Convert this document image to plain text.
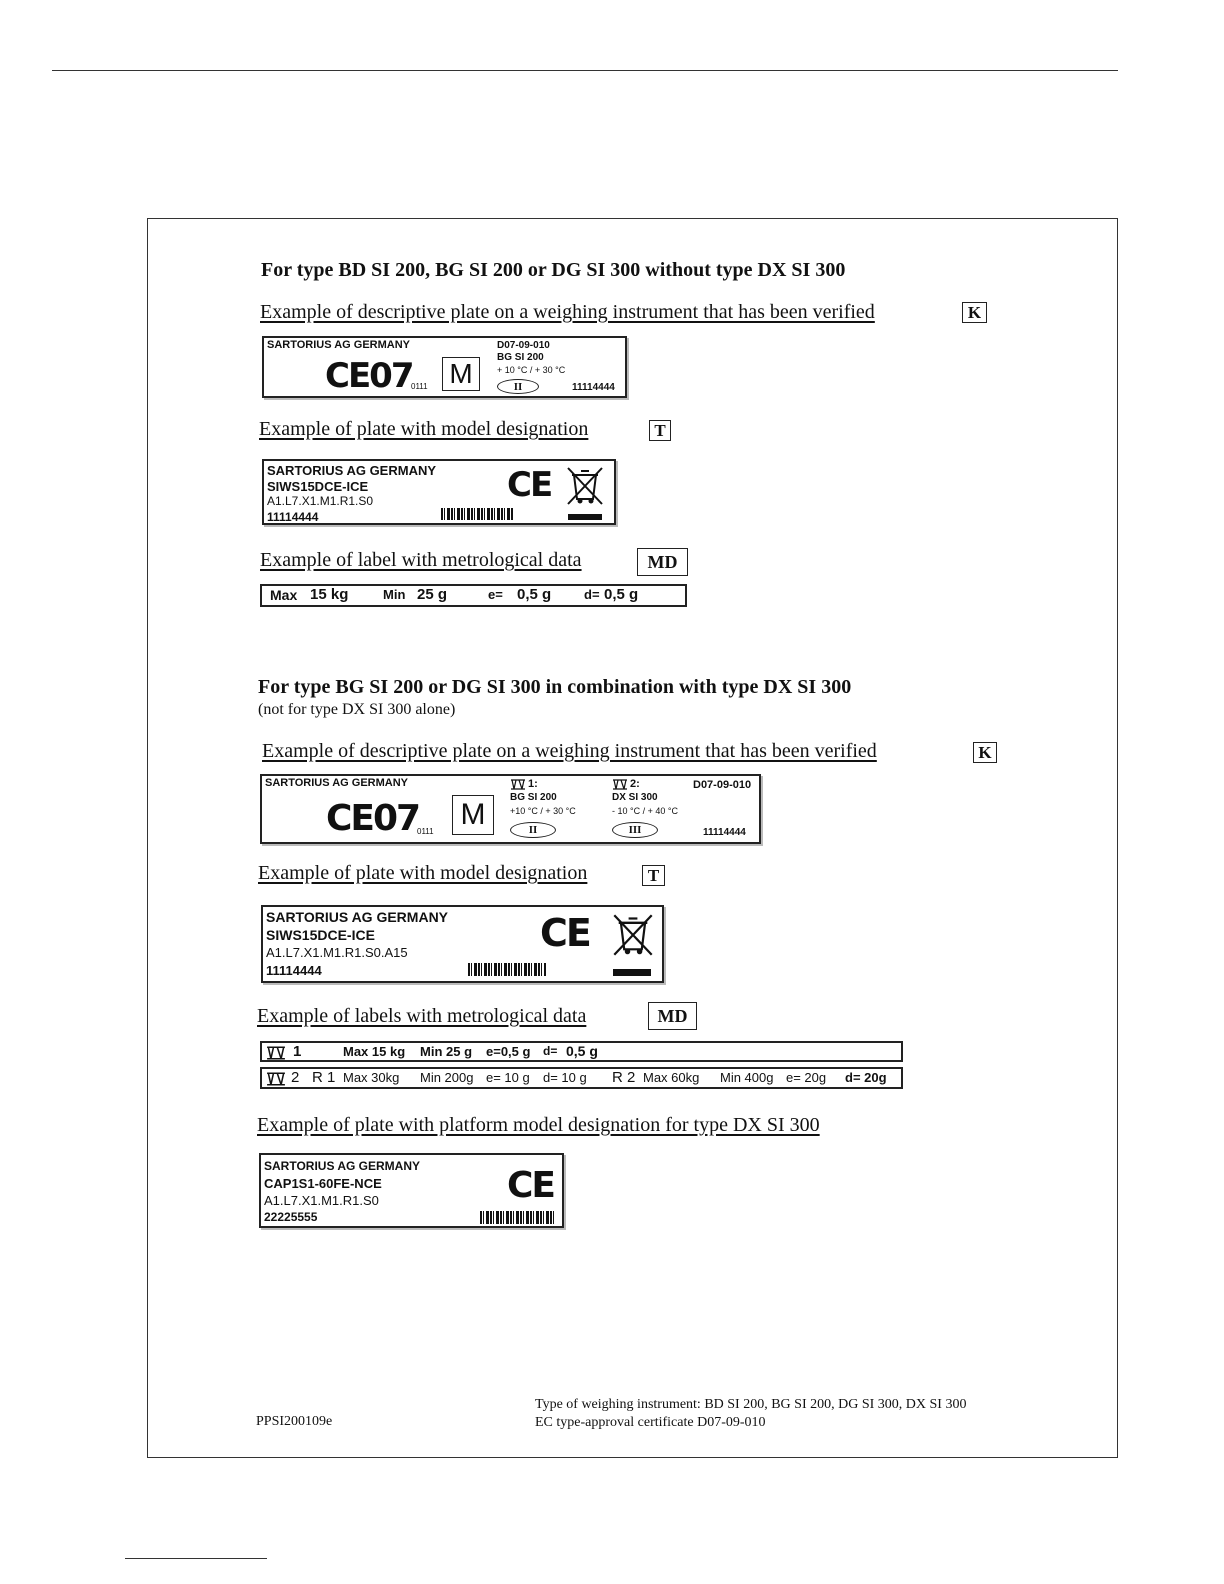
For type BD SI 200, BG SI 200 or DG SI 300 without type DX SI 300
Example of descriptive plate on a weighing instrument that has been verified	K
SARTORIUS AG GERMANY
CE07
0111 M
D07-09-010
BG SI 200
+ 10 °C / + 30 °C
II	11114444
Example of plate with model designation	T
SARTORIUS AG GERMANY
SIWS15DCE-ICE
A1.L7.X1.M1.R1.S0
11114444
CE
Example of label with metrological data	MD
Max 15 kg	Min 25 g	e= 0,5 g	d= 0,5 g
For type BG SI 200 or DG SI 300 in combination with type DX SI 300
(not for type DX SI 300 alone)
Example of descriptive plate on a weighing instrument that has been verified	K
SARTORIUS AG GERMANY
CE07
0111
M
1:
BG SI 200
+10 °C / + 30 °C
II
2:
DX SI 300
- 10 °C / + 40 °C
III
D07-09-010
11114444
Example of plate with model designation	T
SARTORIUS AG GERMANY
SIWS15DCE-ICE
A1.L7.X1.M1.R1.S0.A15
11114444
CE
Example of labels with metrological data	MD
1	Max 15 kg Min 25 g e=0,5 g d= 0,5 g
2 R 1 Max 30kg Min 200g e= 10 g d= 10 g R 2 Max 60kg Min 400g e= 20g d= 20g
Example of plate with platform model designation for type DX SI 300
SARTORIUS AG GERMANY
CAP1S1-60FE-NCE
A1.L7.X1.M1.R1.S0
22225555
CE
PPSI200109e
Type of weighing instrument: BD SI 200, BG SI 200, DG SI 300, DX SI 300
EC type-approval certificate D07-09-010
